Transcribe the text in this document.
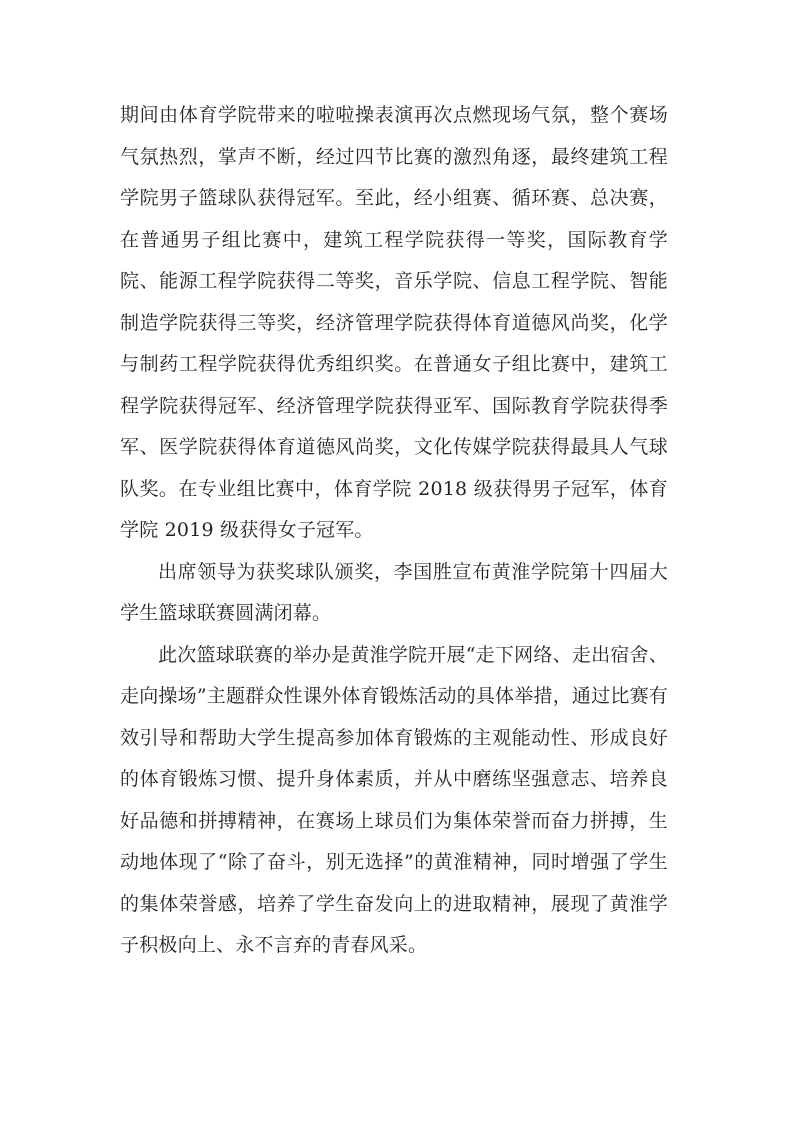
期间由体育学院带来的啦啦操表演再次点燃现场气氛，整个赛场气氛热烈，掌声不断，经过四节比赛的激烈角逐，最终建筑工程学院男子篮球队获得冠军。至此，经小组赛、循环赛、总决赛，在普通男子组比赛中，建筑工程学院获得一等奖，国际教育学院、能源工程学院获得二等奖，音乐学院、信息工程学院、智能制造学院获得三等奖，经济管理学院获得体育道德风尚奖，化学与制药工程学院获得优秀组织奖。在普通女子组比赛中，建筑工程学院获得冠军、经济管理学院获得亚军、国际教育学院获得季军、医学院获得体育道德风尚奖，文化传媒学院获得最具人气球队奖。在专业组比赛中，体育学院 2018 级获得男子冠军，体育学院 2019 级获得女子冠军。

出席领导为获奖球队颁奖，李国胜宣布黄淮学院第十四届大学生篮球联赛圆满闭幕。

此次篮球联赛的举办是黄淮学院开展“走下网络、走出宿舍、走向操场”主题群众性课外体育锻炼活动的具体举措，通过比赛有效引导和帮助大学生提高参加体育锻炼的主观能动性、形成良好的体育锻炼习惯、提升身体素质，并从中磨练坚强意志、培养良好品德和拼搏精神，在赛场上球员们为集体荣誉而奋力拼搏，生动地体现了“除了奋斗，别无选择”的黄淮精神，同时增强了学生的集体荣誉感，培养了学生奋发向上的进取精神，展现了黄淮学子积极向上、永不言弃的青春风采。
